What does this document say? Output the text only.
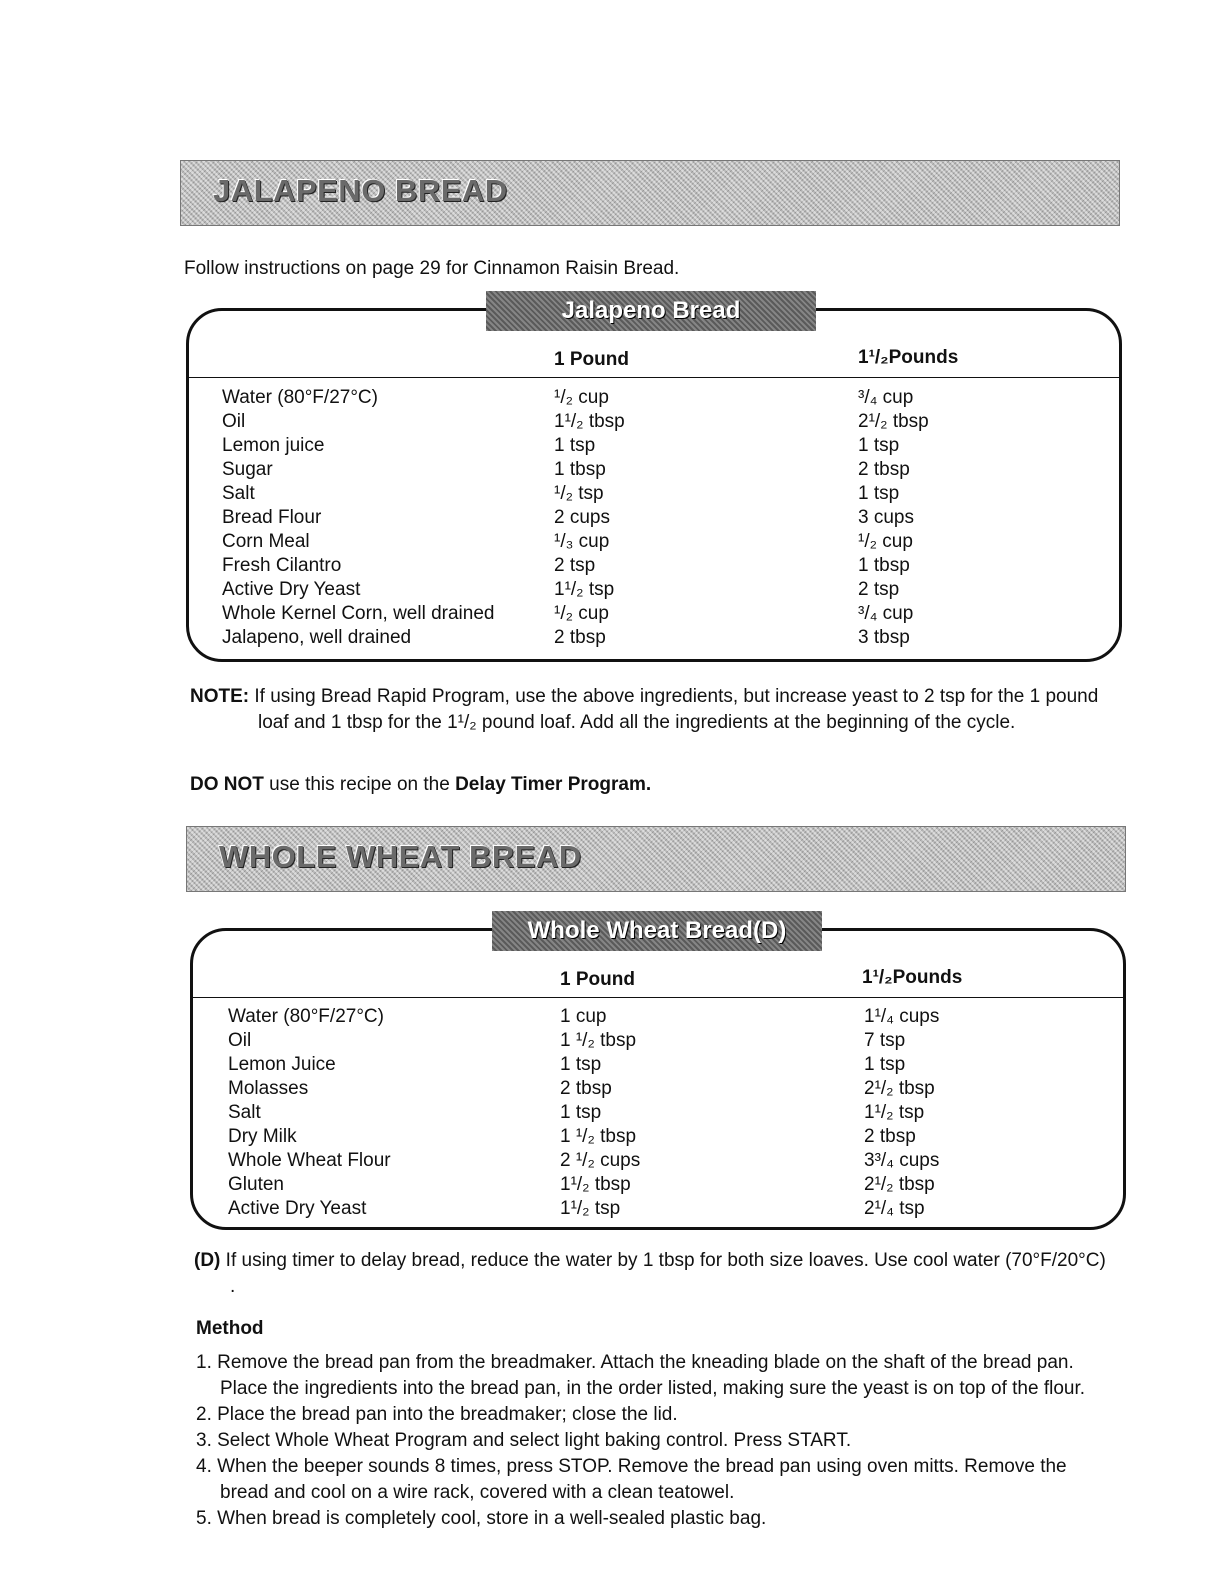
JALAPENO BREAD
Follow instructions on page 29 for Cinnamon Raisin Bread.
Jalapeno Bread
1 Pound	1¹/₂Pounds
Water (80°F/27°C)	¹/₂ cup	³/₄ cup
Oil	1¹/₂ tbsp	2¹/₂ tbsp
Lemon juice	1 tsp	1 tsp
Sugar	1 tbsp	2 tbsp
Salt	¹/₂ tsp	1 tsp
Bread Flour	2 cups	3 cups
Corn Meal	¹/₃ cup	¹/₂ cup
Fresh Cilantro	2 tsp	1 tbsp
Active Dry Yeast	1¹/₂ tsp	2 tsp
Whole Kernel Corn, well drained	¹/₂ cup	³/₄ cup
Jalapeno, well drained	2 tbsp	3 tbsp
NOTE: If using Bread Rapid Program, use the above ingredients, but increase yeast to 2 tsp for the 1 pound loaf and 1 tbsp for the 1¹/₂ pound loaf. Add all the ingredients at the beginning of the cycle.
DO NOT use this recipe on the Delay Timer Program.
WHOLE WHEAT BREAD
Whole Wheat Bread(D)
1 Pound	1¹/₂Pounds
Water (80°F/27°C)	1 cup	1¹/₄ cups
Oil	1 ¹/₂ tbsp	7 tsp
Lemon Juice	1 tsp	1 tsp
Molasses	2 tbsp	2¹/₂ tbsp
Salt	1 tsp	1¹/₂ tsp
Dry Milk	1 ¹/₂ tbsp	2 tbsp
Whole Wheat Flour	2 ¹/₂ cups	3³/₄ cups
Gluten	1¹/₂ tbsp	2¹/₂ tbsp
Active Dry Yeast	1¹/₂ tsp	2¹/₄ tsp
(D) If using timer to delay bread, reduce the water by 1 tbsp for both size loaves. Use cool water (70°F/20°C) .
Method
1. Remove the bread pan from the breadmaker. Attach the kneading blade on the shaft of the bread pan. Place the ingredients into the bread pan, in the order listed, making sure the yeast is on top of the flour.
2. Place the bread pan into the breadmaker; close the lid.
3. Select Whole Wheat Program and select light baking control. Press START.
4. When the beeper sounds 8 times, press STOP. Remove the bread pan using oven mitts. Remove the bread and cool on a wire rack, covered with a clean teatowel.
5. When bread is completely cool, store in a well-sealed plastic bag.
